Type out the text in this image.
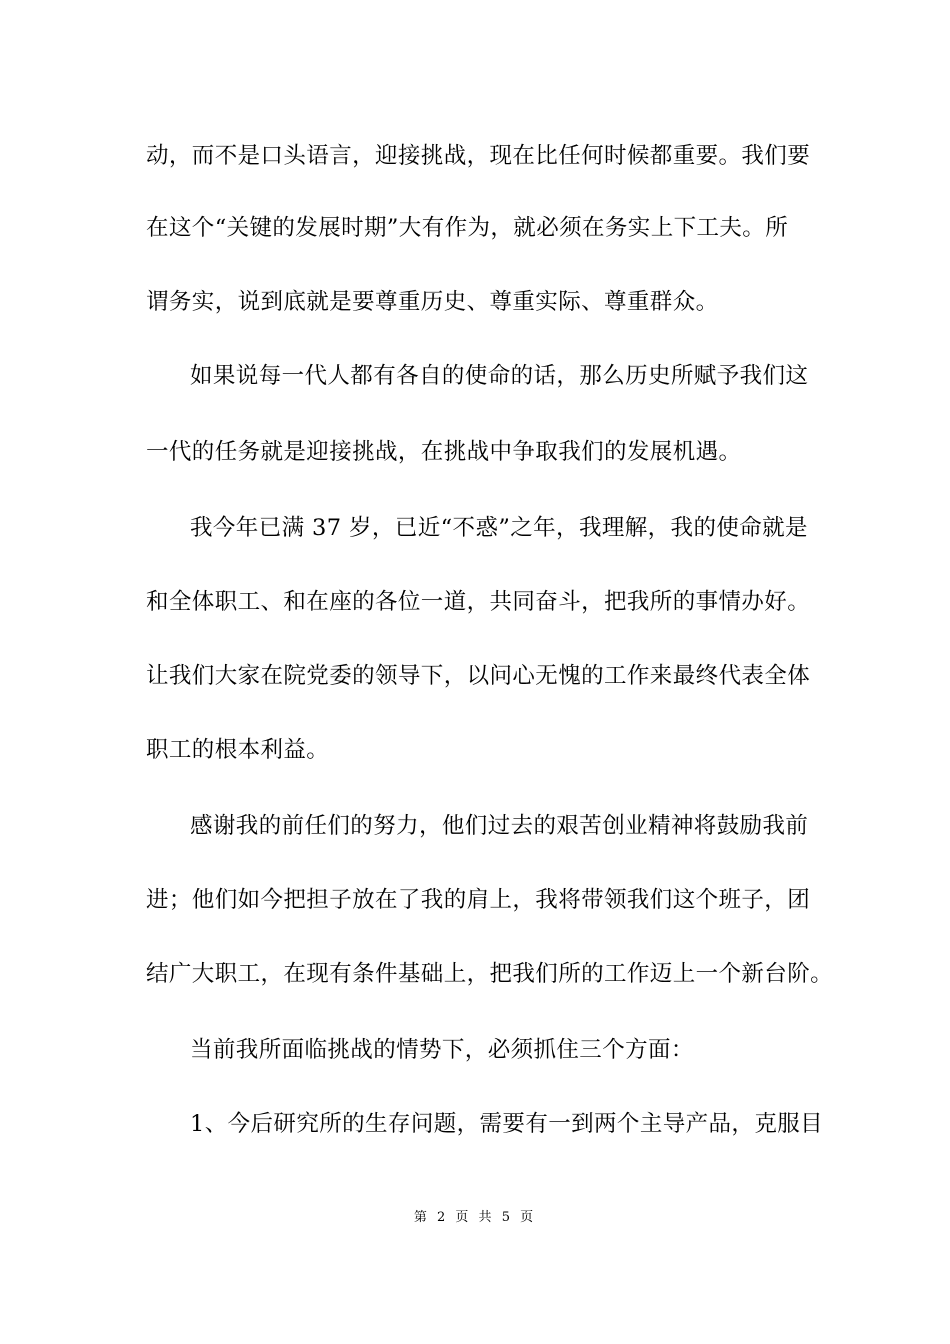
动，而不是口头语言，迎接挑战，现在比任何时候都重要。我们要
在这个“关键的发展时期”大有作为，就必须在务实上下工夫。所
谓务实，说到底就是要尊重历史、尊重实际、尊重群众。
如果说每一代人都有各自的使命的话，那么历史所赋予我们这
一代的任务就是迎接挑战，在挑战中争取我们的发展机遇。
我今年已满 37 岁，已近“不惑”之年，我理解，我的使命就是
和全体职工、和在座的各位一道，共同奋斗，把我所的事情办好。
让我们大家在院党委的领导下，以问心无愧的工作来最终代表全体
职工的根本利益。
感谢我的前任们的努力，他们过去的艰苦创业精神将鼓励我前
进；他们如今把担子放在了我的肩上，我将带领我们这个班子，团
结广大职工，在现有条件基础上，把我们所的工作迈上一个新台阶。
当前我所面临挑战的情势下，必须抓住三个方面：
1、今后研究所的生存问题，需要有一到两个主导产品，克服目
第 2 页 共 5 页
